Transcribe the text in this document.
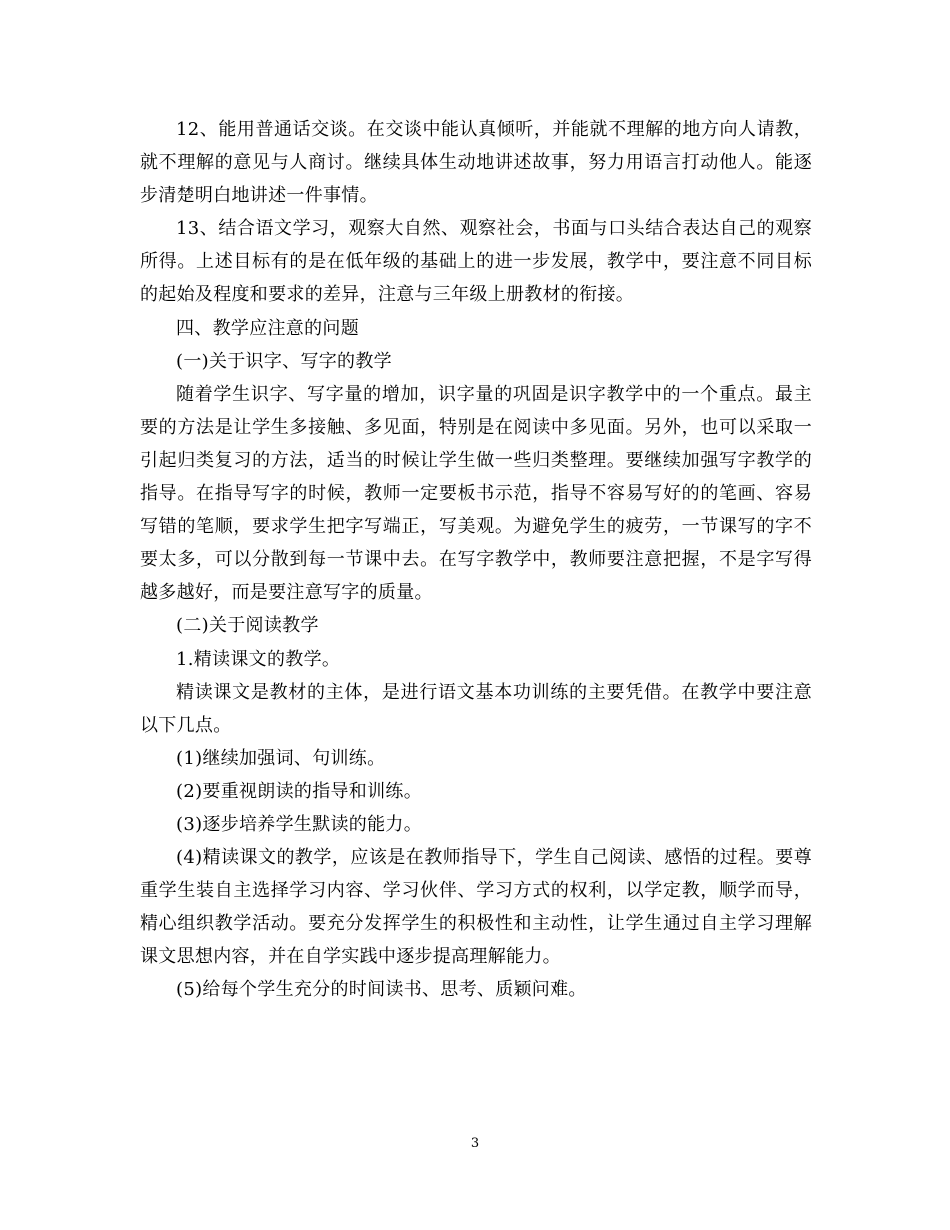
12、能用普通话交谈。在交谈中能认真倾听，并能就不理解的地方向人请教，就不理解的意见与人商讨。继续具体生动地讲述故事，努力用语言打动他人。能逐步清楚明白地讲述一件事情。

13、结合语文学习，观察大自然、观察社会，书面与口头结合表达自己的观察所得。上述目标有的是在低年级的基础上的进一步发展，教学中，要注意不同目标的起始及程度和要求的差异，注意与三年级上册教材的衔接。

四、教学应注意的问题

(一)关于识字、写字的教学

随着学生识字、写字量的增加，识字量的巩固是识字教学中的一个重点。最主要的方法是让学生多接触、多见面，特别是在阅读中多见面。另外，也可以采取一引起归类复习的方法，适当的时候让学生做一些归类整理。要继续加强写字教学的指导。在指导写字的时候，教师一定要板书示范，指导不容易写好的的笔画、容易写错的笔顺，要求学生把字写端正，写美观。为避免学生的疲劳，一节课写的字不要太多，可以分散到每一节课中去。在写字教学中，教师要注意把握，不是字写得越多越好，而是要注意写字的质量。

(二)关于阅读教学

1.精读课文的教学。

精读课文是教材的主体，是进行语文基本功训练的主要凭借。在教学中要注意以下几点。

(1)继续加强词、句训练。

(2)要重视朗读的指导和训练。

(3)逐步培养学生默读的能力。

(4)精读课文的教学，应该是在教师指导下，学生自己阅读、感悟的过程。要尊重学生装自主选择学习内容、学习伙伴、学习方式的权利，以学定教，顺学而导，精心组织教学活动。要充分发挥学生的积极性和主动性，让学生通过自主学习理解课文思想内容，并在自学实践中逐步提高理解能力。

(5)给每个学生充分的时间读书、思考、质颖问难。

3
